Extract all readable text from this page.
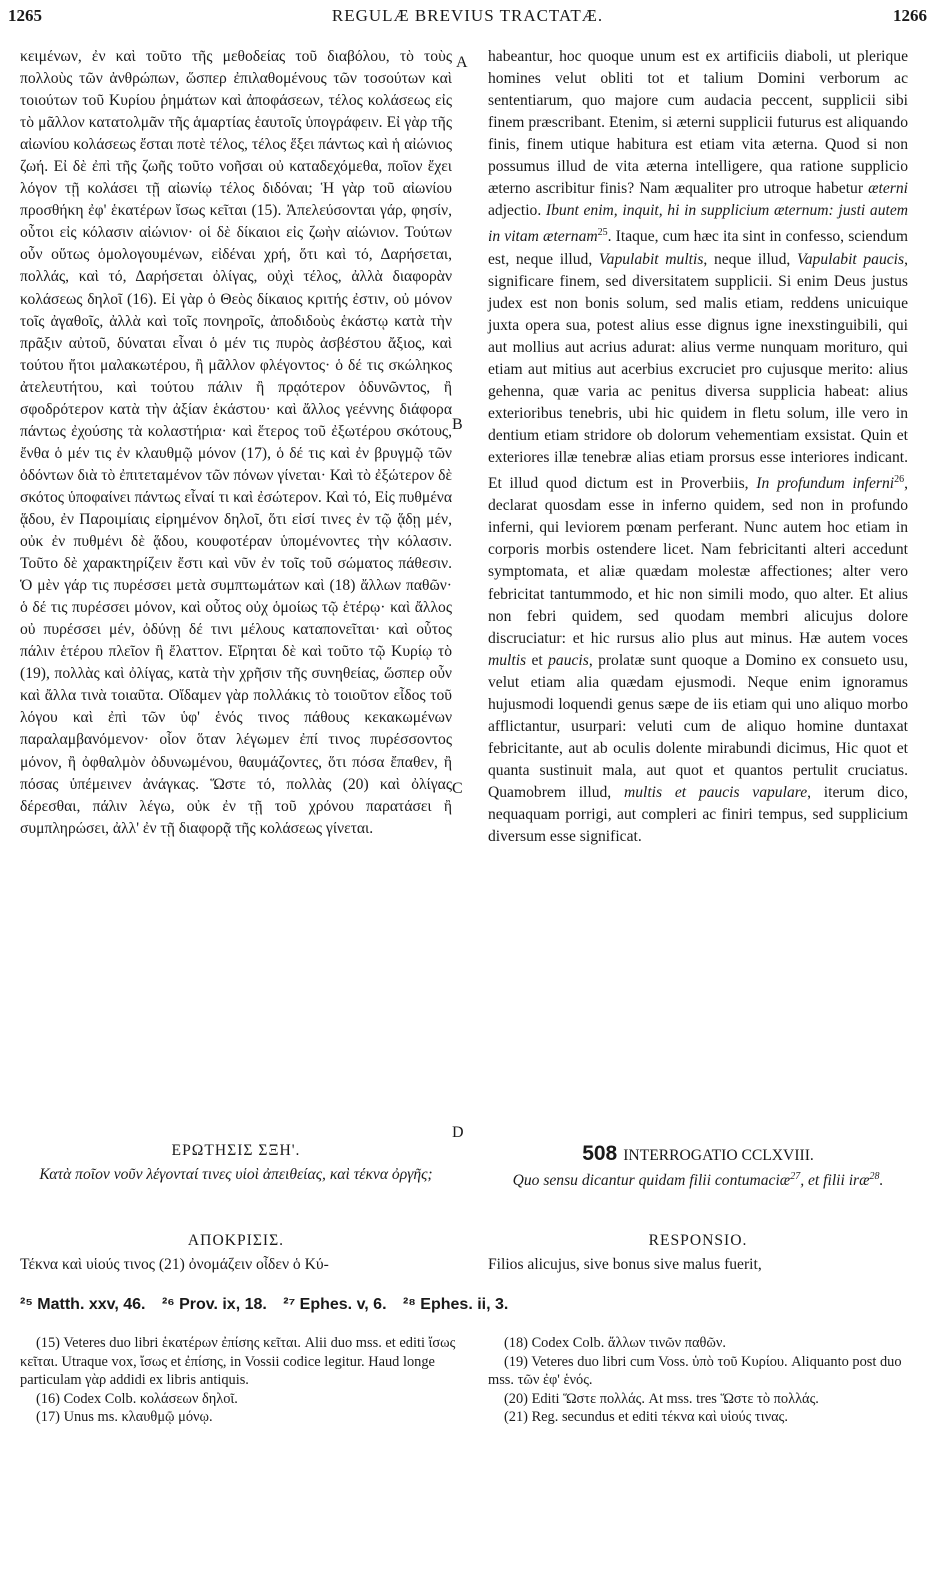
1265	REGULÆ BREVIUS TRACTATÆ.	1266

κειμένων, ἐν καὶ τοῦτο τῆς μεθοδείας τοῦ διαβόλου, τὸ τοὺς πολλοὺς τῶν ἀνθρώπων, ὥσπερ ἐπιλαθομένους τῶν τοσούτων καὶ τοιούτων τοῦ Κυρίου ῥημάτων καὶ ἀποφάσεων, τέλος κολάσεως εἰς τὸ μᾶλλον κατατολμᾶν τῆς ἁμαρτίας ἑαυτοῖς ὑπογράφειν. Εἰ γὰρ τῆς αἰωνίου κολάσεως ἔσται ποτὲ τέλος, τέλος ἕξει πάντως καὶ ἡ αἰώνιος ζωή. Εἰ δὲ ἐπὶ τῆς ζωῆς τοῦτο νοῆσαι οὐ καταδεχόμεθα, ποῖον ἔχει λόγον τῇ κολάσει τῇ αἰωνίῳ τέλος διδόναι; Ἡ γὰρ τοῦ αἰωνίου προσθήκη ἐφ' ἑκατέρων ἴσως κεῖται (15). Ἀπελεύσονται γάρ, φησίν, οὗτοι εἰς κόλασιν αἰώνιον· οἱ δὲ δίκαιοι εἰς ζωὴν αἰώνιον. Τούτων οὖν οὕτως ὁμολογουμένων, εἰδέναι χρή, ὅτι καὶ τό, Δαρήσεται, πολλάς, καὶ τό, Δαρήσεται ὀλίγας, οὐχὶ τέλος, ἀλλὰ διαφορὰν κολάσεως δηλοῖ (16). Εἰ γὰρ ὁ Θεὸς δίκαιος κριτής ἐστιν, οὐ μόνον τοῖς ἀγαθοῖς, ἀλλὰ καὶ τοῖς πονηροῖς, ἀποδιδοὺς ἑκάστῳ κατὰ τὴν πρᾶξιν αὐτοῦ, δύναται εἶναι ὁ μέν τις πυρὸς ἀσβέστου ἄξιος, καὶ τούτου ἤτοι μαλακωτέρου, ἢ μᾶλλον φλέγοντος· ὁ δέ τις σκώληκος ἀτελευτήτου, καὶ τούτου πάλιν ἢ πρᾳότερον ὀδυνῶντος, ἢ σφοδρότερον κατὰ τὴν ἀξίαν ἑκάστου· καὶ ἄλλος γεέννης διάφορα πάντως ἐχούσης τὰ κολαστήρια· καὶ ἕτερος τοῦ ἐξωτέρου σκότους, ἔνθα ὁ μέν τις ἐν κλαυθμῷ μόνον (17), ὁ δέ τις καὶ ἐν βρυγμῷ τῶν ὀδόντων διὰ τὸ ἐπιτεταμένον τῶν πόνων γίνεται· Καὶ τὸ ἐξώτερον δὲ σκότος ὑποφαίνει πάντως εἶναί τι καὶ ἐσώτερον. Καὶ τό, Εἰς πυθμένα ᾅδου, ἐν Παροιμίαις εἰρημένον δηλοῖ, ὅτι εἰσί τινες ἐν τῷ ᾅδῃ μέν, οὐκ ἐν πυθμένι δὲ ᾅδου, κουφοτέραν ὑπομένοντες τὴν κόλασιν. Τοῦτο δὲ χαρακτηρίζειν ἔστι καὶ νῦν ἐν τοῖς τοῦ σώματος πάθεσιν. Ὁ μὲν γάρ τις πυρέσσει μετὰ συμπτωμάτων καὶ (18) ἄλλων παθῶν· ὁ δέ τις πυρέσσει μόνον, καὶ οὗτος οὐχ ὁμοίως τῷ ἑτέρῳ· καὶ ἄλλος οὐ πυρέσσει μέν, ὀδύνῃ δέ τινι μέλους καταπονεῖται· καὶ οὗτος πάλιν ἑτέρου πλεῖον ἢ ἔλαττον. Εἴρηται δὲ καὶ τοῦτο τῷ Κυρίῳ τὸ (19), πολλὰς καὶ ὀλίγας, κατὰ τὴν χρῆσιν τῆς συνηθείας, ὥσπερ οὖν καὶ ἄλλα τινὰ τοιαῦτα. Οἴδαμεν γὰρ πολλάκις τὸ τοιοῦτον εἶδος τοῦ λόγου καὶ ἐπὶ τῶν ὑφ' ἑνός τινος πάθους κεκακωμένων παραλαμβανόμενον· οἷον ὅταν λέγωμεν ἐπί τινος πυρέσσοντος μόνον, ἢ ὀφθαλμὸν ὀδυνωμένου, θαυμάζοντες, ὅτι πόσα ἔπαθεν, ἢ πόσας ὑπέμεινεν ἀνάγκας. Ὥστε τό, πολλὰς (20) καὶ ὀλίγας δέρεσθαι, πάλιν λέγω, οὐκ ἐν τῇ τοῦ χρόνου παρατάσει ἢ συμπληρώσει, ἀλλ' ἐν τῇ διαφορᾷ τῆς κολάσεως γίνεται.

habeantur, hoc quoque unum est ex artificiis diaboli, ut plerique homines velut obliti tot et talium Domini verborum ac sententiarum, quo majore cum audacia peccent, supplicii sibi finem præscribant. Etenim, si æterni supplicii futurus est aliquando finis, finem utique habitura est etiam vita æterna. Quod si non possumus illud de vita æterna intelligere, qua ratione supplicio æterno ascribitur finis? Nam æqualiter pro utroque habetur æterni adjectio. Ibunt enim, inquit, hi in supplicium æternum: justi autem in vitam æternam$^{25}$. Itaque, cum hæc ita sint in confesso, sciendum est, neque illud, Vapulabit multis, neque illud, Vapulabit paucis, significare finem, sed diversitatem supplicii. Si enim Deus justus judex est non bonis solum, sed malis etiam, reddens unicuique juxta opera sua, potest alius esse dignus igne inexstinguibili, qui aut mollius aut acrius adurat: alius verme nunquam morituro, qui etiam aut mitius aut acerbius excruciet pro cujusque merito: alius gehenna, quæ varia ac penitus diversa supplicia habeat: alius exterioribus tenebris, ubi hic quidem in fletu solum, ille vero in dentium etiam stridore ob dolorum vehementiam exsistat. Quin et exteriores illæ tenebræ alias etiam prorsus esse interiores indicant. Et illud quod dictum est in Proverbiis, In profundum inferni$^{26}$, declarat quosdam esse in inferno quidem, sed non in profundo inferni, qui leviorem pœnam perferant. Nunc autem hoc etiam in corporis morbis ostendere licet. Nam febricitanti alteri accedunt symptomata, et aliæ quædam molestæ affectiones; alter vero febricitat tantummodo, et hic non simili modo, quo alter. Et alius non febri quidem, sed quodam membri alicujus dolore discruciatur: et hic rursus alio plus aut minus. Hæ autem voces multis et paucis, prolatæ sunt quoque a Domino ex consueto usu, velut etiam alia quædam ejusmodi. Neque enim ignoramus hujusmodi loquendi genus sæpe de iis etiam qui uno aliquo morbo afflictantur, usurpari: veluti cum de aliquo homine duntaxat febricitante, aut ab oculis dolente mirabundi dicimus, Hic quot et quanta sustinuit mala, aut quot et quantos pertulit cruciatus. Quamobrem illud, multis et paucis vapulare, iterum dico, nequaquam porrigi, aut compleri ac finiri tempus, sed supplicium diversum esse significat.

A
B
C
D
ΕΡΩΤΗΣΙΣ ΣΞΗ'.
Κατὰ ποῖον νοῦν λέγονταί τινες υἱοὶ ἀπειθείας, καὶ τέκνα ὀργῆς;
ΑΠΟΚΡΙΣΙΣ.
Τέκνα καὶ υἱούς τινος (21) ὀνομάζειν οἶδεν ὁ Κύ-
508 INTERROGATIO CCLXVIII.
Quo sensu dicantur quidam filii contumaciæ$^{27}$, et filii iræ$^{28}$.
RESPONSIO.
Filios alicujus, sive bonus sive malus fuerit,
²⁵ Matth. xxv, 46. ²⁶ Prov. ix, 18. ²⁷ Ephes. v, 6. ²⁸ Ephes. ii, 3.

(15) Veteres duo libri ἑκατέρων ἐπίσης κεῖται. Alii duo mss. et editi ἴσως κεῖται. Utraque vox, ἴσως et ἐπίσης, in Vossii codice legitur. Haud longe particulam γὰρ addidi ex libris antiquis.

(16) Codex Colb. κολάσεων δηλοῖ.

(17) Unus ms. κλαυθμῷ μόνῳ.

(18) Codex Colb. ἄλλων τινῶν παθῶν.

(19) Veteres duo libri cum Voss. ὑπὸ τοῦ Κυρίου. Aliquanto post duo mss. τῶν ἐφ' ἑνός.

(20) Editi Ὥστε πολλάς. At mss. tres Ὥστε τὸ πολλάς.

(21) Reg. secundus et editi τέκνα καὶ υἱούς τινας.
